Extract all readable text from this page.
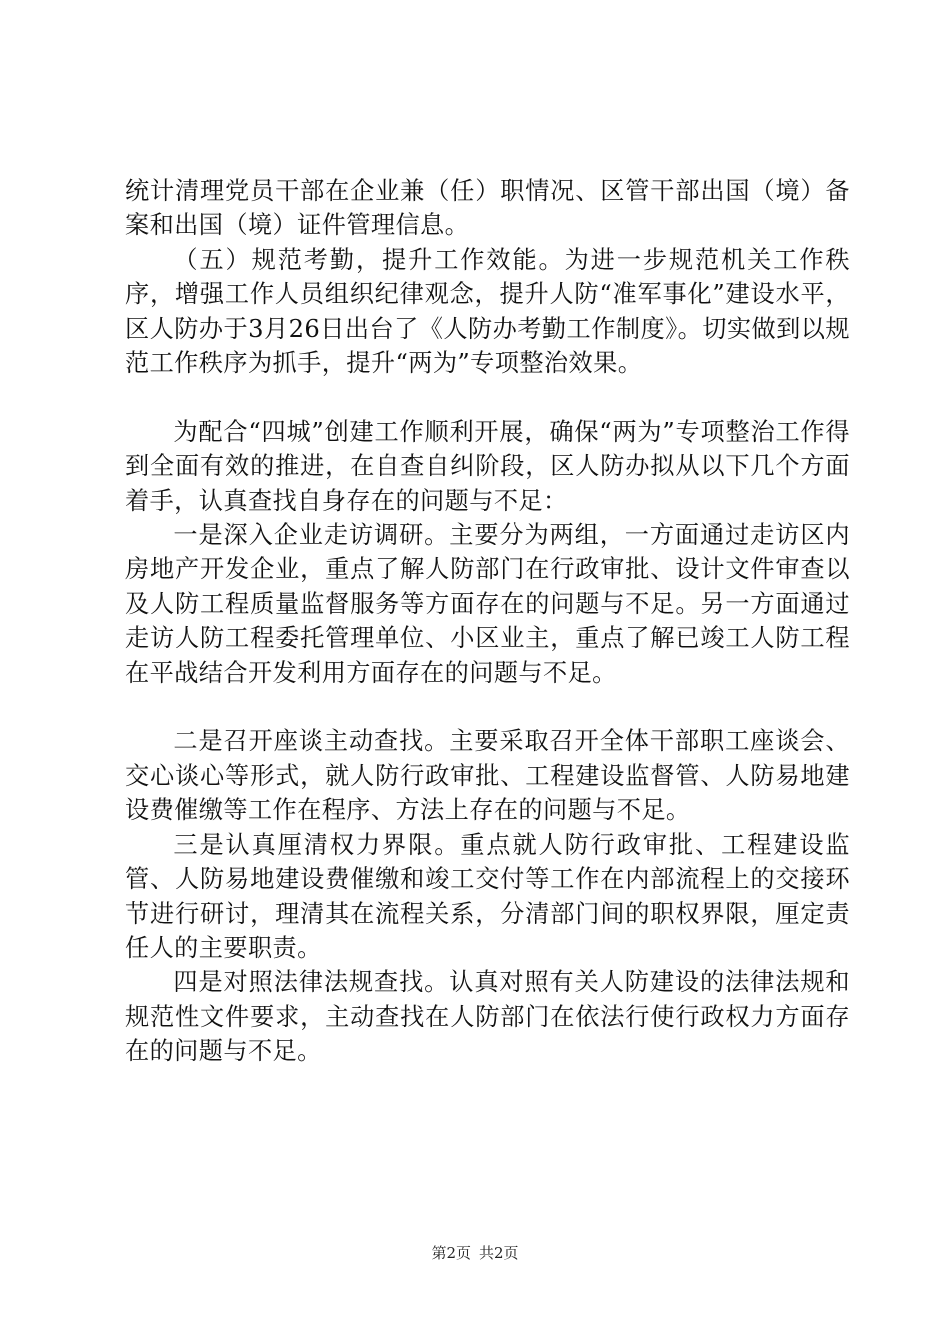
统计清理党员干部在企业兼（任）职情况、区管干部出国（境）备案和出国（境）证件管理信息。

（五）规范考勤，提升工作效能。为进一步规范机关工作秩序，增强工作人员组织纪律观念，提升人防“准军事化”建设水平，区人防办于3月26日出台了《人防办考勤工作制度》。切实做到以规范工作秩序为抓手，提升“两为”专项整治效果。

为配合“四城”创建工作顺利开展，确保“两为”专项整治工作得到全面有效的推进，在自查自纠阶段，区人防办拟从以下几个方面着手，认真查找自身存在的问题与不足：

一是深入企业走访调研。主要分为两组，一方面通过走访区内房地产开发企业，重点了解人防部门在行政审批、设计文件审查以及人防工程质量监督服务等方面存在的问题与不足。另一方面通过走访人防工程委托管理单位、小区业主，重点了解已竣工人防工程在平战结合开发利用方面存在的问题与不足。

二是召开座谈主动查找。主要采取召开全体干部职工座谈会、交心谈心等形式，就人防行政审批、工程建设监督管、人防易地建设费催缴等工作在程序、方法上存在的问题与不足。

三是认真厘清权力界限。重点就人防行政审批、工程建设监管、人防易地建设费催缴和竣工交付等工作在内部流程上的交接环节进行研讨，理清其在流程关系，分清部门间的职权界限，厘定责任人的主要职责。

四是对照法律法规查找。认真对照有关人防建设的法律法规和规范性文件要求，主动查找在人防部门在依法行使行政权力方面存在的问题与不足。

第2页 共2页
